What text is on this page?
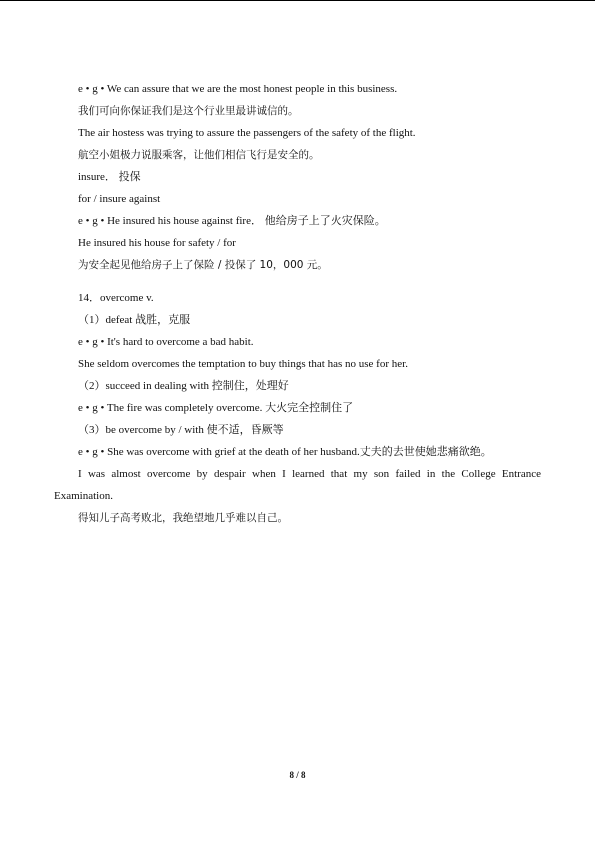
e • g • We can assure that we are the most honest people in this business.
我们可向你保证我们是这个行业里最讲诚信的。
The air hostess was trying to assure the passengers of the safety of the flight.
航空小姐极力说服乘客，让他们相信飞行是安全的。
insure． 投保
for / insure against
e • g • He insured his house against fire． 他给房子上了火灾保险。
He insured his house for safety / for
为安全起见他给房子上了保险 / 投保了 10，000 元。
14．overcome v.
（1）defeat 战胜，克服
e • g • It's hard to overcome a bad habit.
She seldom overcomes the temptation to buy things that has no use for her.
（2）succeed in dealing with 控制住，处理好
e • g • The fire was completely overcome. 大火完全控制住了
（3）be overcome by / with 使不适，昏厥等
e • g • She was overcome with grief at the death of her husband.丈夫的去世使她悲痛欲绝。
I was almost overcome by despair when I learned that my son failed in the College Entrance Examination.
得知儿子高考败北，我绝望地几乎难以自己。
8 / 8
